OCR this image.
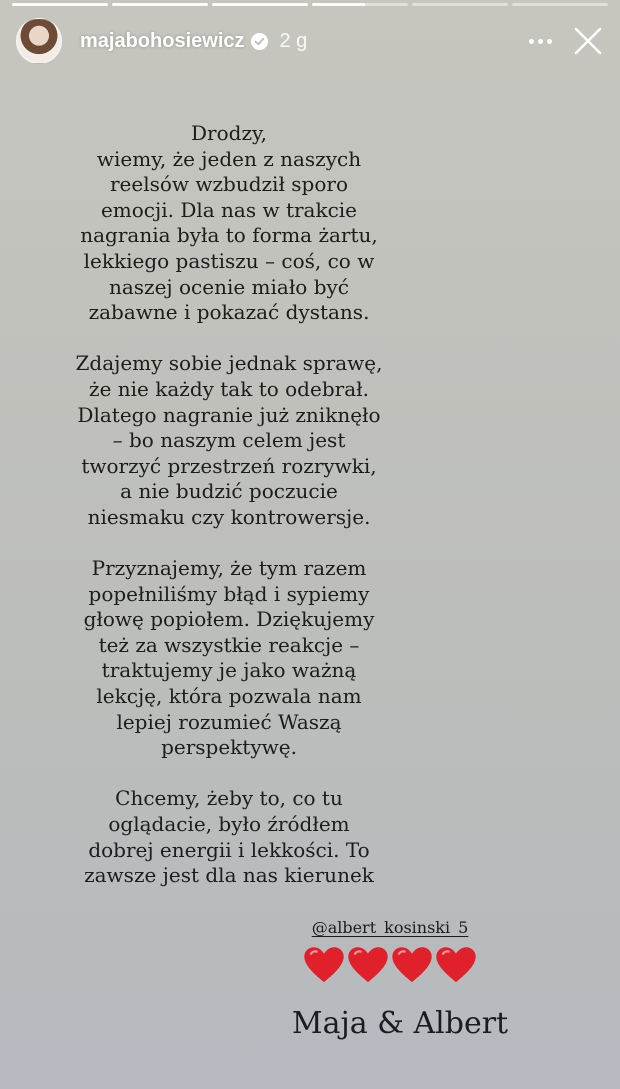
majabohosiewicz 2 g

Drodzy,
wiemy, że jeden z naszych reelsów wzbudził sporo emocji. Dla nas w trakcie nagrania była to forma żartu, lekkiego pastiszu – coś, co w naszej ocenie miało być zabawne i pokazać dystans.

Zdajemy sobie jednak sprawę, że nie każdy tak to odebrał. Dlatego nagranie już zniknęło – bo naszym celem jest tworzyć przestrzeń rozrywki, a nie budzić poczucie niesmaku czy kontrowersje.

Przyznajemy, że tym razem popełniliśmy błąd i sypiemy głowę popiołem. Dziękujemy też za wszystkie reakcje – traktujemy je jako ważną lekcję, która pozwala nam lepiej rozumieć Waszą perspektywę.

Chcemy, żeby to, co tu oglądacie, było źródłem dobrej energii i lekkości. To zawsze jest dla nas kierunek

@albert_kosinski_5
Maja & Albert
